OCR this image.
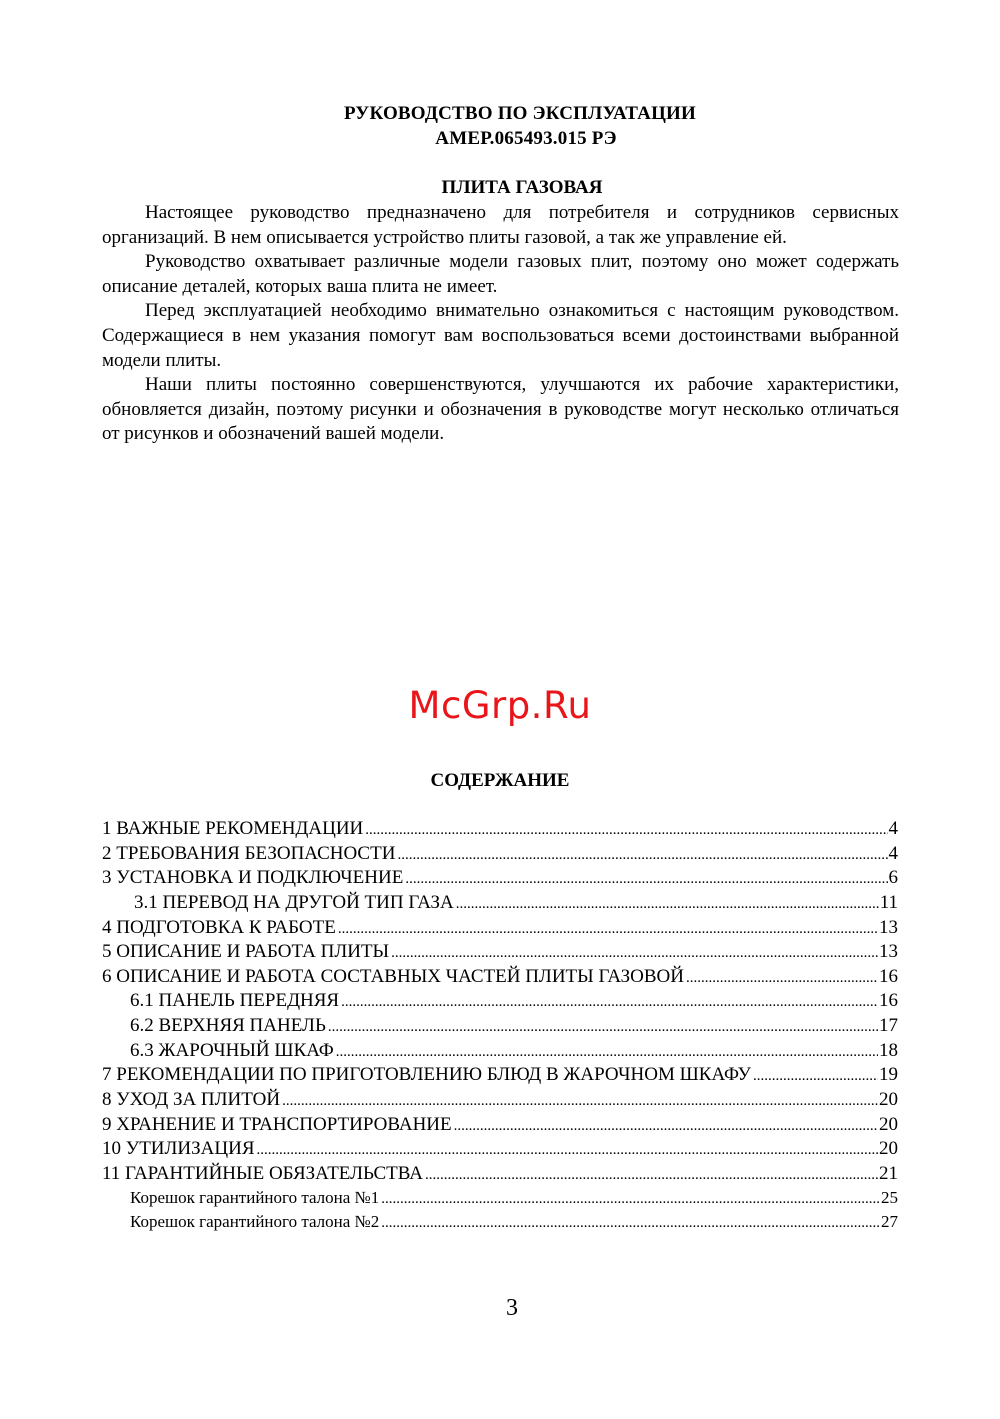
РУКОВОДСТВО ПО ЭКСПЛУАТАЦИИ
АМЕР.065493.015 РЭ
ПЛИТА ГАЗОВАЯ

Настоящее руководство предназначено для потребителя и сотрудников сервисных организаций. В нем описывается устройство плиты газовой, а так же управление ей.

Руководство охватывает различные модели газовых плит, поэтому оно может содержать описание деталей, которых ваша плита не имеет.

Перед эксплуатацией необходимо внимательно ознакомиться с настоящим руководством. Содержащиеся в нем указания помогут вам воспользоваться всеми достоинствами выбранной модели плиты.

Наши плиты постоянно совершенствуются, улучшаются их рабочие характеристики, обновляется дизайн, поэтому рисунки и обозначения в руководстве могут несколько отличаться от рисунков и обозначений вашей модели.

McGrp.Ru
СОДЕРЖАНИЕ
1 ВАЖНЫЕ РЕКОМЕНДАЦИИ .....	4
2 ТРЕБОВАНИЯ БЕЗОПАСНОСТИ .....	4
3 УСТАНОВКА И ПОДКЛЮЧЕНИЕ .....	6
3.1 ПЕРЕВОД НА ДРУГОЙ ТИП ГАЗА .....	11
4 ПОДГОТОВКА К РАБОТЕ .....	13
5 ОПИСАНИЕ И РАБОТА ПЛИТЫ .....	13
6 ОПИСАНИЕ И РАБОТА СОСТАВНЫХ ЧАСТЕЙ ПЛИТЫ ГАЗОВОЙ .....	16
6.1 ПАНЕЛЬ ПЕРЕДНЯЯ .....	16
6.2 ВЕРХНЯЯ ПАНЕЛЬ .....	17
6.3 ЖАРОЧНЫЙ ШКАФ .....	18
7 РЕКОМЕНДАЦИИ ПО ПРИГОТОВЛЕНИЮ БЛЮД В ЖАРОЧНОМ ШКАФУ .....	19
8 УХОД ЗА ПЛИТОЙ .....	20
9 ХРАНЕНИЕ И ТРАНСПОРТИРОВАНИЕ .....	20
10 УТИЛИЗАЦИЯ .....	20
11 ГАРАНТИЙНЫЕ ОБЯЗАТЕЛЬСТВА .....	21
Корешок гарантийного талона №1 .....	25
Корешок гарантийного талона №2 .....	27
3
